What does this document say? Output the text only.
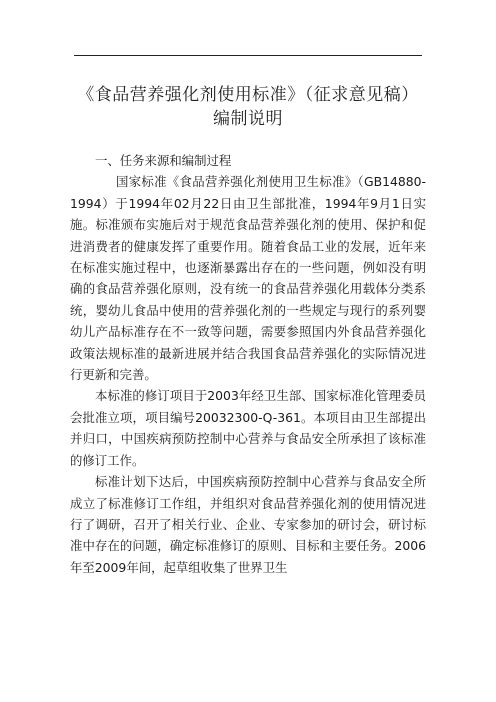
《食品营养强化剂使用标准》（征求意见稿）
编制说明

一、任务来源和编制过程

国家标准《食品营养强化剂使用卫生标准》（GB14880-1994）于1994年02月22日由卫生部批准，1994年9月1日实施。标准颁布实施后对于规范食品营养强化剂的使用、保护和促进消费者的健康发挥了重要作用。随着食品工业的发展，近年来在标准实施过程中，也逐渐暴露出存在的一些问题，例如没有明确的食品营养强化原则，没有统一的食品营养强化用载体分类系统，婴幼儿食品中使用的营养强化剂的一些规定与现行的系列婴幼儿产品标准存在不一致等问题，需要参照国内外食品营养强化政策法规标准的最新进展并结合我国食品营养强化的实际情况进行更新和完善。

本标准的修订项目于2003年经卫生部、国家标准化管理委员会批准立项，项目编号20032300-Q-361。本项目由卫生部提出并归口，中国疾病预防控制中心营养与食品安全所承担了该标准的修订工作。

标准计划下达后，中国疾病预防控制中心营养与食品安全所成立了标准修订工作组，并组织对食品营养强化剂的使用情况进行了调研，召开了相关行业、企业、专家参加的研讨会，研讨标准中存在的问题，确定标准修订的原则、目标和主要任务。2006年至2009年间，起草组收集了世界卫生
